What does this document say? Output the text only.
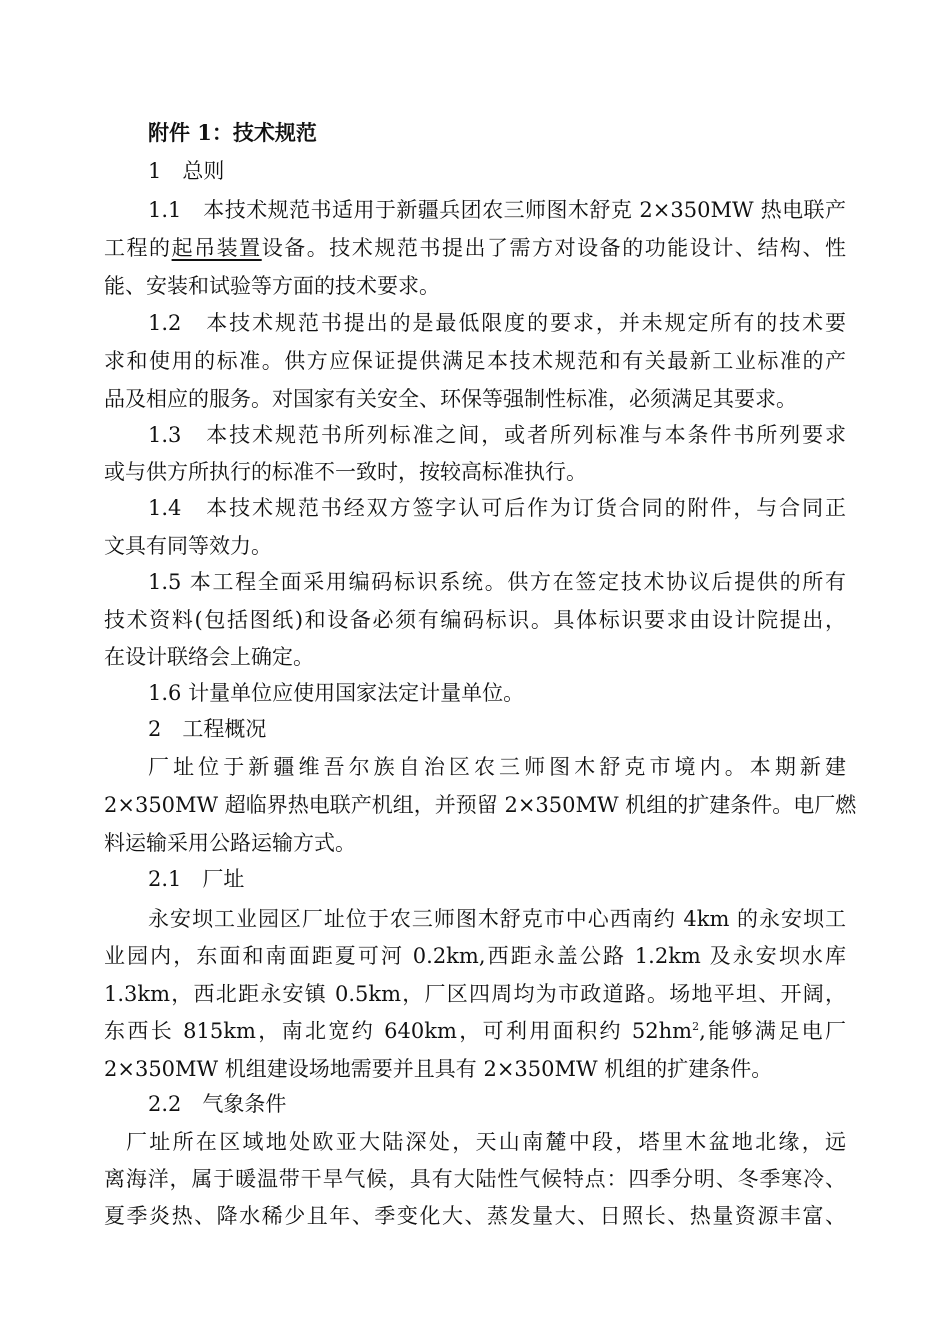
附件 1：技术规范
1　总则
1.1　本技术规范书适用于新疆兵团农三师图木舒克 2×350MW 热电联产
工程的起吊装置设备。技术规范书提出了需方对设备的功能设计、结构、性
能、安装和试验等方面的技术要求。
1.2　本技术规范书提出的是最低限度的要求，并未规定所有的技术要
求和使用的标准。供方应保证提供满足本技术规范和有关最新工业标准的产
品及相应的服务。对国家有关安全、环保等强制性标准，必须满足其要求。
1.3　本技术规范书所列标准之间，或者所列标准与本条件书所列要求
或与供方所执行的标准不一致时，按较高标准执行。
1.4　本技术规范书经双方签字认可后作为订货合同的附件，与合同正
文具有同等效力。
1.5 本工程全面采用编码标识系统。供方在签定技术协议后提供的所有
技术资料(包括图纸)和设备必须有编码标识。具体标识要求由设计院提出，
在设计联络会上确定。
1.6 计量单位应使用国家法定计量单位。
2　工程概况
厂址位于新疆维吾尔族自治区农三师图木舒克市境内。本期新建
2×350MW 超临界热电联产机组，并预留 2×350MW 机组的扩建条件。电厂燃
料运输采用公路运输方式。
2.1　厂址
永安坝工业园区厂址位于农三师图木舒克市中心西南约 4km 的永安坝工
业园内，东面和南面距夏可河 0.2km,西距永盖公路 1.2km 及永安坝水库
1.3km，西北距永安镇 0.5km，厂区四周均为市政道路。场地平坦、开阔，
东西长 815km，南北宽约 640km，可利用面积约 $52hm^2$,能够满足电厂
2×350MW 机组建设场地需要并且具有 2×350MW 机组的扩建条件。
2.2　气象条件
厂址所在区域地处欧亚大陆深处，天山南麓中段，塔里木盆地北缘，远
离海洋，属于暖温带干旱气候，具有大陆性气候特点：四季分明、冬季寒冷、
夏季炎热、降水稀少且年、季变化大、蒸发量大、日照长、热量资源丰富、
